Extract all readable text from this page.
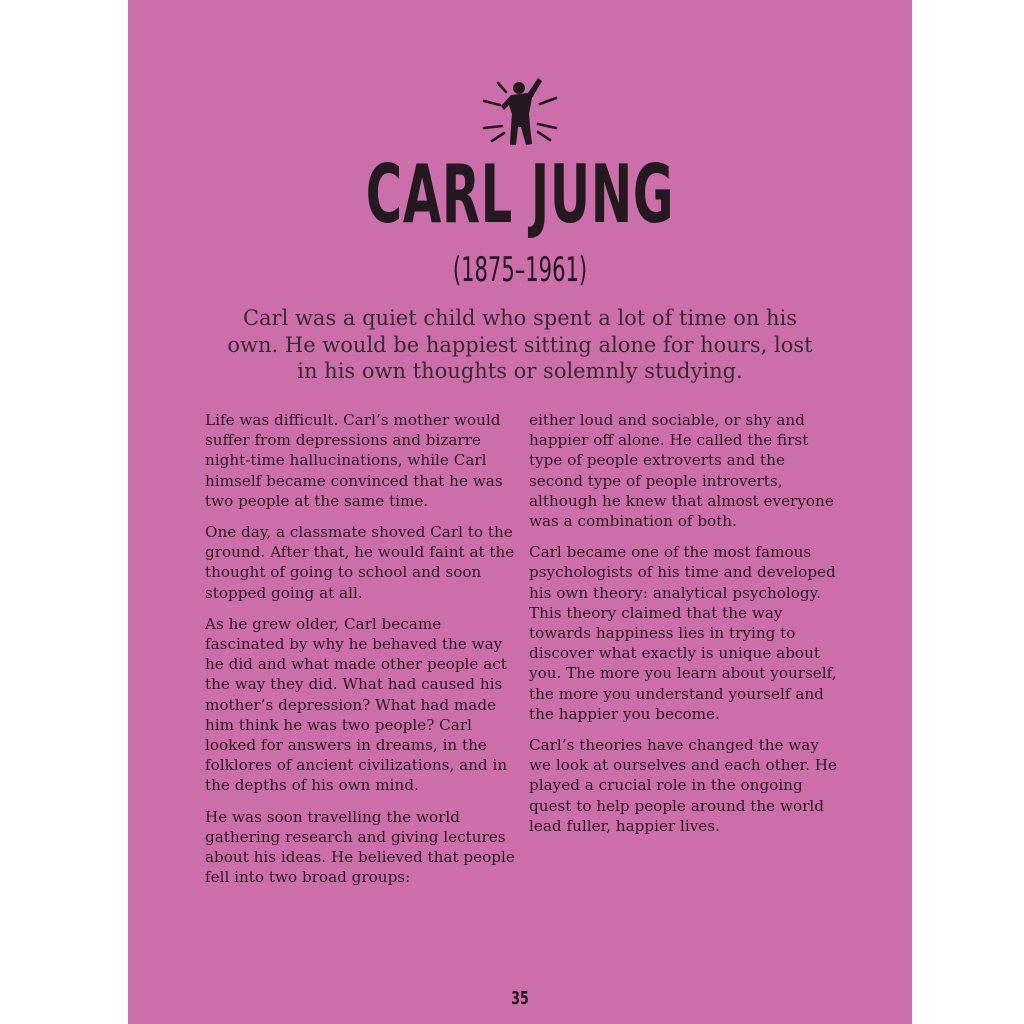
CARL JUNG
(1875–1961)
Carl was a quiet child who spent a lot of time on his own. He would be happiest sitting alone for hours, lost in his own thoughts or solemnly studying.

Life was difficult. Carl’s mother would suffer from depressions and bizarre night-time hallucinations, while Carl himself became convinced that he was two people at the same time.

One day, a classmate shoved Carl to the ground. After that, he would faint at the thought of going to school and soon stopped going at all.

As he grew older, Carl became fascinated by why he behaved the way he did and what made other people act the way they did. What had caused his mother’s depression? What had made him think he was two people? Carl looked for answers in dreams, in the folklores of ancient civilizations, and in the depths of his own mind.

He was soon travelling the world gathering research and giving lectures about his ideas. He believed that people fell into two broad groups:

either loud and sociable, or shy and happier off alone. He called the first type of people extroverts and the second type of people introverts, although he knew that almost everyone was a combination of both.

Carl became one of the most famous psychologists of his time and developed his own theory: analytical psychology. This theory claimed that the way towards happiness lies in trying to discover what exactly is unique about you. The more you learn about yourself, the more you understand yourself and the happier you become.

Carl’s theories have changed the way we look at ourselves and each other. He played a crucial role in the ongoing quest to help people around the world lead fuller, happier lives.

35
